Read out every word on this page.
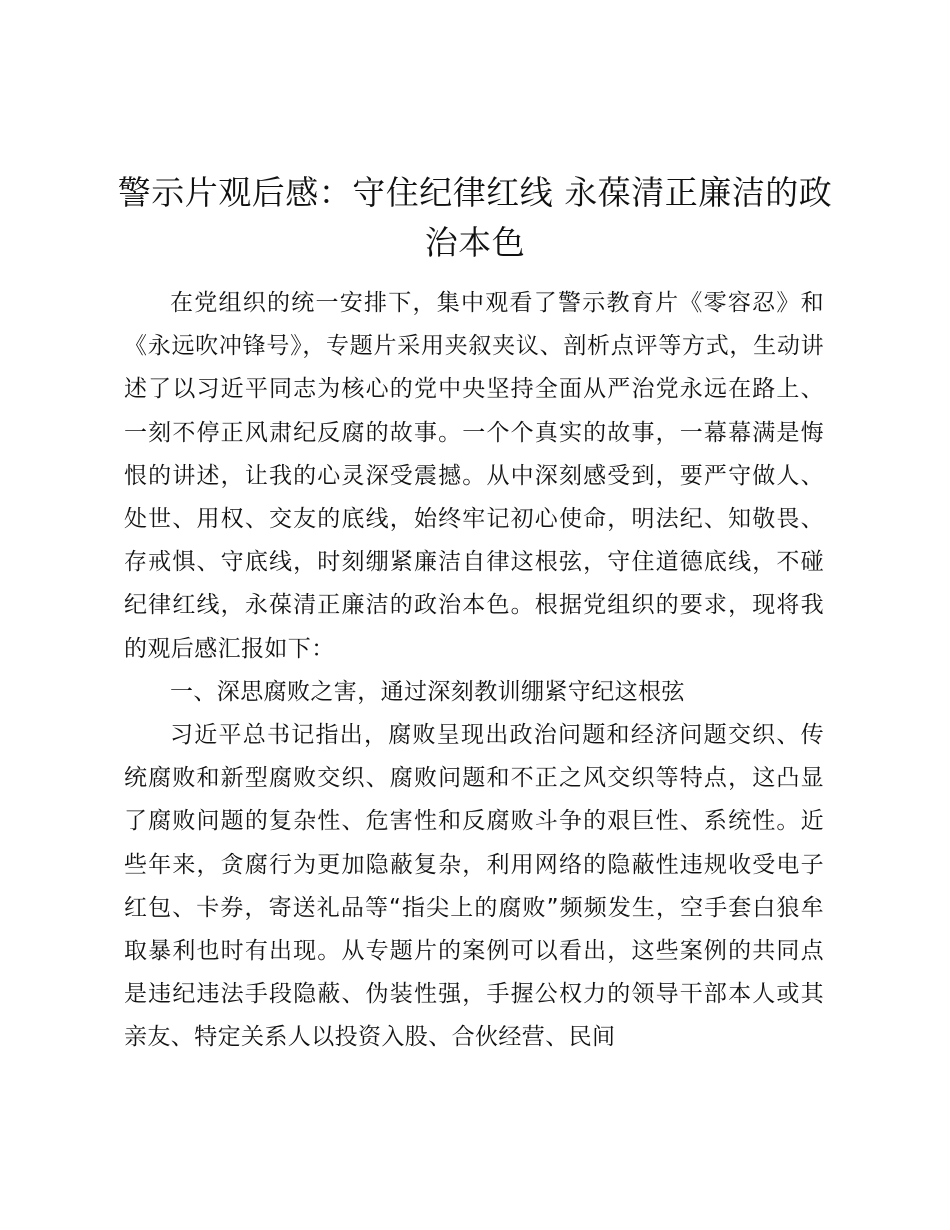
警示片观后感：守住纪律红线 永葆清正廉洁的政治本色

在党组织的统一安排下，集中观看了警示教育片《零容忍》和《永远吹冲锋号》，专题片采用夹叙夹议、剖析点评等方式，生动讲述了以习近平同志为核心的党中央坚持全面从严治党永远在路上、一刻不停正风肃纪反腐的故事。一个个真实的故事，一幕幕满是悔恨的讲述，让我的心灵深受震撼。从中深刻感受到，要严守做人、处世、用权、交友的底线，始终牢记初心使命，明法纪、知敬畏、存戒惧、守底线，时刻绷紧廉洁自律这根弦，守住道德底线，不碰纪律红线，永葆清正廉洁的政治本色。根据党组织的要求，现将我的观后感汇报如下：

一、深思腐败之害，通过深刻教训绷紧守纪这根弦

习近平总书记指出，腐败呈现出政治问题和经济问题交织、传统腐败和新型腐败交织、腐败问题和不正之风交织等特点，这凸显了腐败问题的复杂性、危害性和反腐败斗争的艰巨性、系统性。近些年来，贪腐行为更加隐蔽复杂，利用网络的隐蔽性违规收受电子红包、卡券，寄送礼品等“指尖上的腐败”频频发生，空手套白狼牟取暴利也时有出现。从专题片的案例可以看出，这些案例的共同点是违纪违法手段隐蔽、伪装性强，手握公权力的领导干部本人或其亲友、特定关系人以投资入股、合伙经营、民间
